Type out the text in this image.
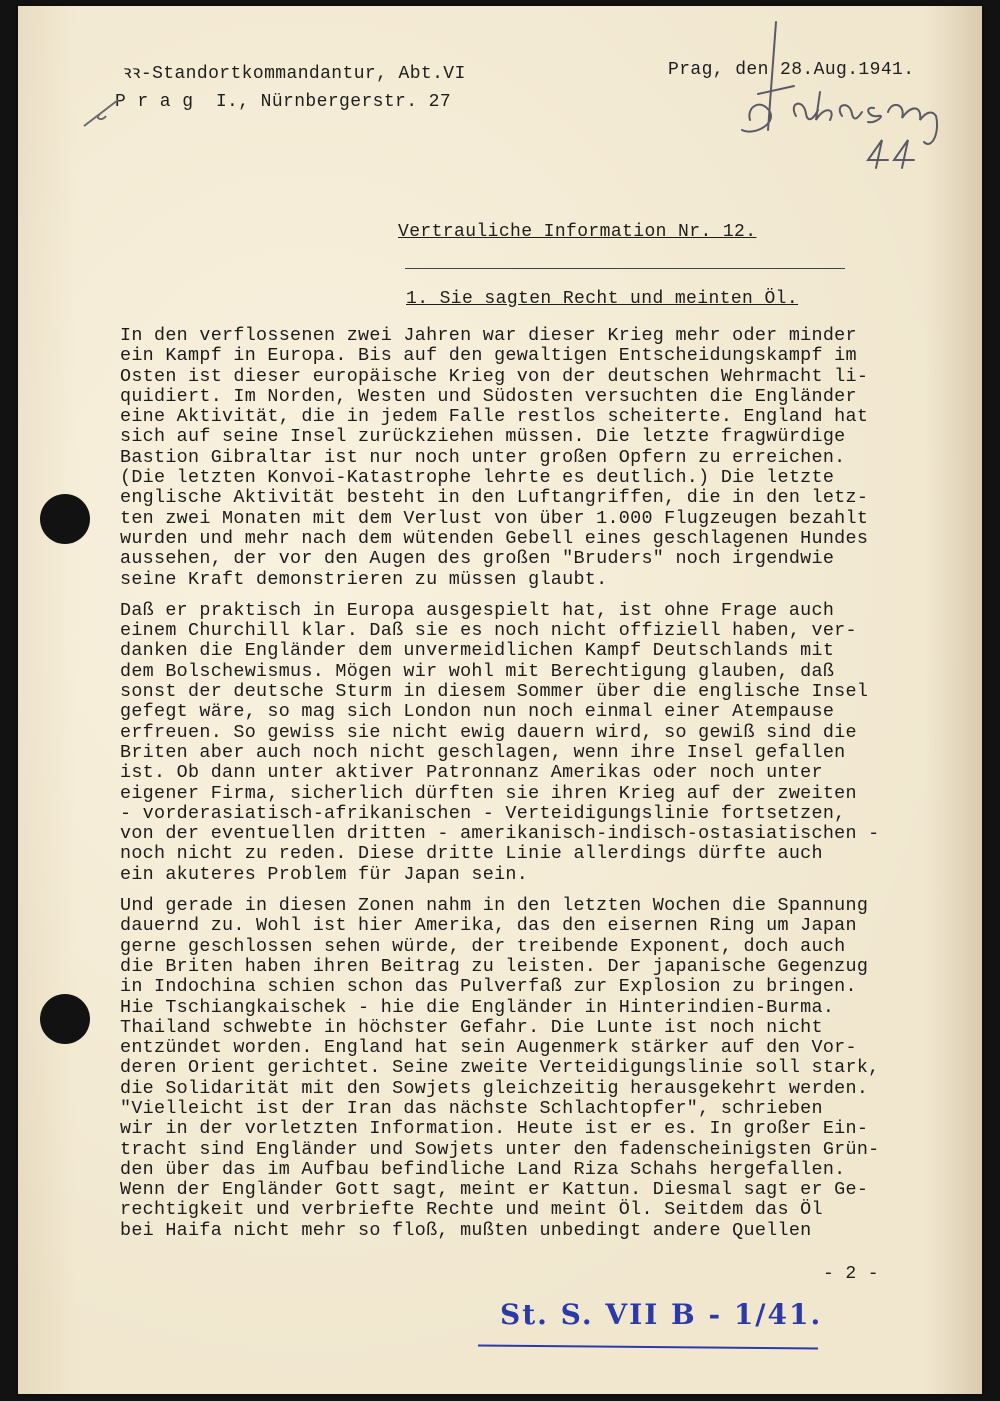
ꝛꝛ-Standortkommandantur, Abt.VI
P r a g  I., Nürnbergerstr. 27
Prag, den 28.Aug.1941.
Vertrauliche Information Nr. 12.
1. Sie sagten Recht und meinten Öl.
In den verflossenen zwei Jahren war dieser Krieg mehr oder minder
ein Kampf in Europa. Bis auf den gewaltigen Entscheidungskampf im
Osten ist dieser europäische Krieg von der deutschen Wehrmacht li-
quidiert. Im Norden, Westen und Südosten versuchten die Engländer
eine Aktivität, die in jedem Falle restlos scheiterte. England hat
sich auf seine Insel zurückziehen müssen. Die letzte fragwürdige
Bastion Gibraltar ist nur noch unter großen Opfern zu erreichen.
(Die letzten Konvoi-Katastrophe lehrte es deutlich.) Die letzte
englische Aktivität besteht in den Luftangriffen, die in den letz-
ten zwei Monaten mit dem Verlust von über 1.000 Flugzeugen bezahlt
wurden und mehr nach dem wütenden Gebell eines geschlagenen Hundes
aussehen, der vor den Augen des großen "Bruders" noch irgendwie
seine Kraft demonstrieren zu müssen glaubt.
Daß er praktisch in Europa ausgespielt hat, ist ohne Frage auch
einem Churchill klar. Daß sie es noch nicht offiziell haben, ver-
danken die Engländer dem unvermeidlichen Kampf Deutschlands mit
dem Bolschewismus. Mögen wir wohl mit Berechtigung glauben, daß
sonst der deutsche Sturm in diesem Sommer über die englische Insel
gefegt wäre, so mag sich London nun noch einmal einer Atempause
erfreuen. So gewiss sie nicht ewig dauern wird, so gewiß sind die
Briten aber auch noch nicht geschlagen, wenn ihre Insel gefallen
ist. Ob dann unter aktiver Patronnanz Amerikas oder noch unter
eigener Firma, sicherlich dürften sie ihren Krieg auf der zweiten
- vorderasiatisch-afrikanischen - Verteidigungslinie fortsetzen,
von der eventuellen dritten - amerikanisch-indisch-ostasiatischen -
noch nicht zu reden. Diese dritte Linie allerdings dürfte auch
ein akuteres Problem für Japan sein.
Und gerade in diesen Zonen nahm in den letzten Wochen die Spannung
dauernd zu. Wohl ist hier Amerika, das den eisernen Ring um Japan
gerne geschlossen sehen würde, der treibende Exponent, doch auch
die Briten haben ihren Beitrag zu leisten. Der japanische Gegenzug
in Indochina schien schon das Pulverfaß zur Explosion zu bringen.
Hie Tschiangkaischek - hie die Engländer in Hinterindien-Burma.
Thailand schwebte in höchster Gefahr. Die Lunte ist noch nicht
entzündet worden. England hat sein Augenmerk stärker auf den Vor-
deren Orient gerichtet. Seine zweite Verteidigungslinie soll stark,
die Solidarität mit den Sowjets gleichzeitig herausgekehrt werden.
"Vielleicht ist der Iran das nächste Schlachtopfer", schrieben
wir in der vorletzten Information. Heute ist er es. In großer Ein-
tracht sind Engländer und Sowjets unter den fadenscheinigsten Grün-
den über das im Aufbau befindliche Land Riza Schahs hergefallen.
Wenn der Engländer Gott sagt, meint er Kattun. Diesmal sagt er Ge-
rechtigkeit und verbriefte Rechte und meint Öl. Seitdem das Öl
bei Haifa nicht mehr so floß, mußten unbedingt andere Quellen
- 2 -
St. S. VII B - 1/41.
